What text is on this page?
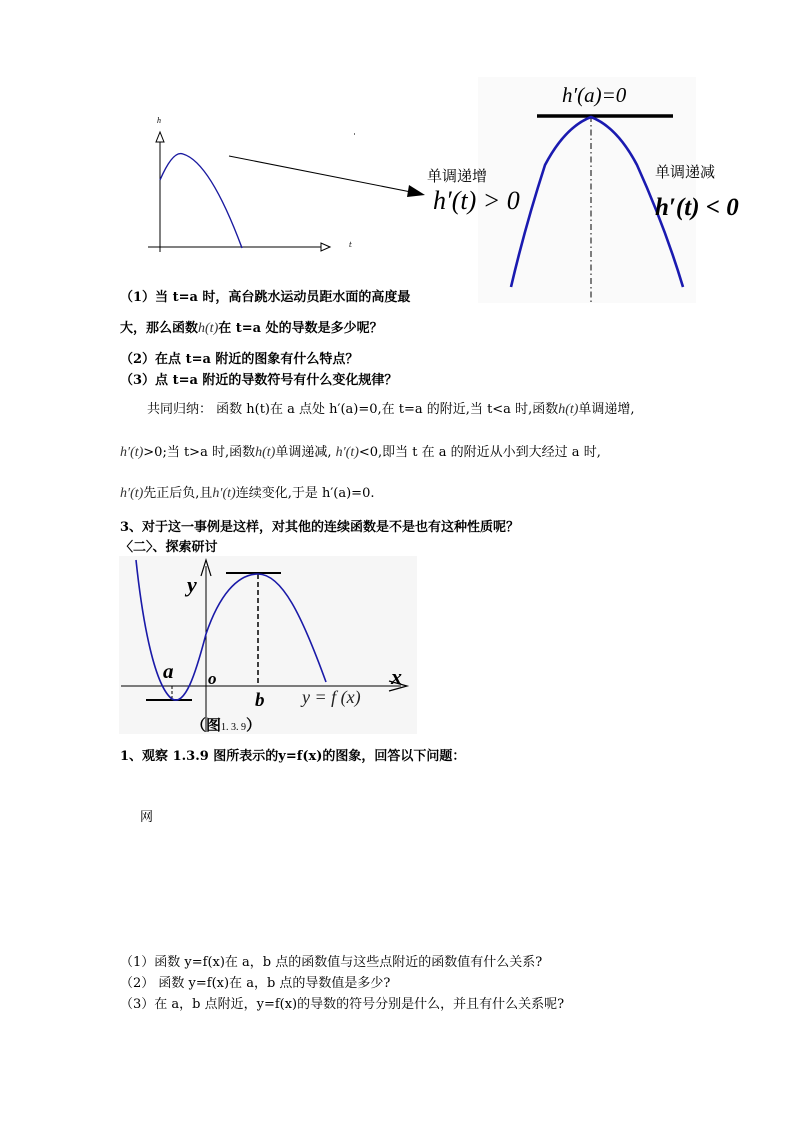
h
t
h′(a)=0
单调递增
h′(t) > 0
单调递减
h′(t) < 0
（1）当 t=a 时，高台跳水运动员距水面的高度最
大，那么函数h(t)在 t=a 处的导数是多少呢？
（2）在点 t=a 附近的图象有什么特点？
（3）点 t=a 附近的导数符号有什么变化规律？
共同归纳： 函数 h(t)在 a 点处 h′(a)=0,在 t=a 的附近,当 t<a 时,函数h(t)单调递增,
h′(t)>0;当 t>a 时,函数h(t)单调递减, h′(t)<0,即当 t 在 a 的附近从小到大经过 a 时,
h′(t)先正后负,且h′(t)连续变化,于是 h′(a)=0.
3、对于这一事例是这样，对其他的连续函数是不是也有这种性质呢？
〈二〉、探索研讨
y
x
o
a
b y = f (x)
（图1. 3. 9）
1、观察 1.3.9 图所表示的y=f(x)的图象，回答以下问题：
网
（1）函数 y=f(x)在 a，b 点的函数值与这些点附近的函数值有什么关系?
（2） 函数 y=f(x)在 a，b 点的导数值是多少?
（3）在 a，b 点附近，y=f(x)的导数的符号分别是什么，并且有什么关系呢?
